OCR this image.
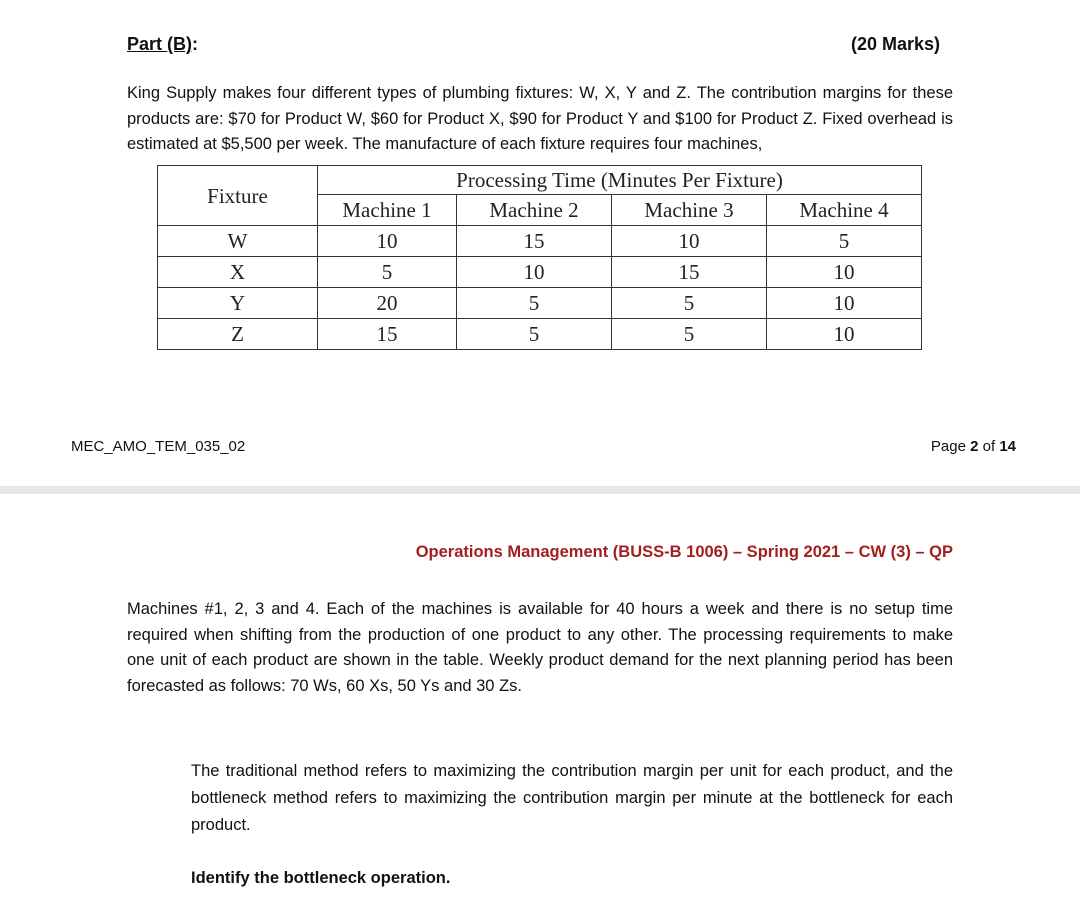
Part (B):	(20 Marks)
King Supply makes four different types of plumbing fixtures: W, X, Y and Z. The contribution margins for these products are: $70 for Product W, $60 for Product X, $90 for Product Y and $100 for Product Z. Fixed overhead is estimated at $5,500 per week. The manufacture of each fixture requires four machines,
Fixture	Processing Time (Minutes Per Fixture)			
	Machine 1	Machine 2	Machine 3	Machine 4
W	10	15	10	5
X	5	10	15	10
Y	20	5	5	10
Z	15	5	5	10
MEC_AMO_TEM_035_02	Page 2 of 14
Operations Management (BUSS-B 1006) – Spring 2021 – CW (3) – QP
Machines #1, 2, 3 and 4. Each of the machines is available for 40 hours a week and there is no setup time required when shifting from the production of one product to any other. The processing requirements to make one unit of each product are shown in the table. Weekly product demand for the next planning period has been forecasted as follows: 70 Ws, 60 Xs, 50 Ys and 30 Zs.
The traditional method refers to maximizing the contribution margin per unit for each product, and the bottleneck method refers to maximizing the contribution margin per minute at the bottleneck for each product.
Identify the bottleneck operation.
